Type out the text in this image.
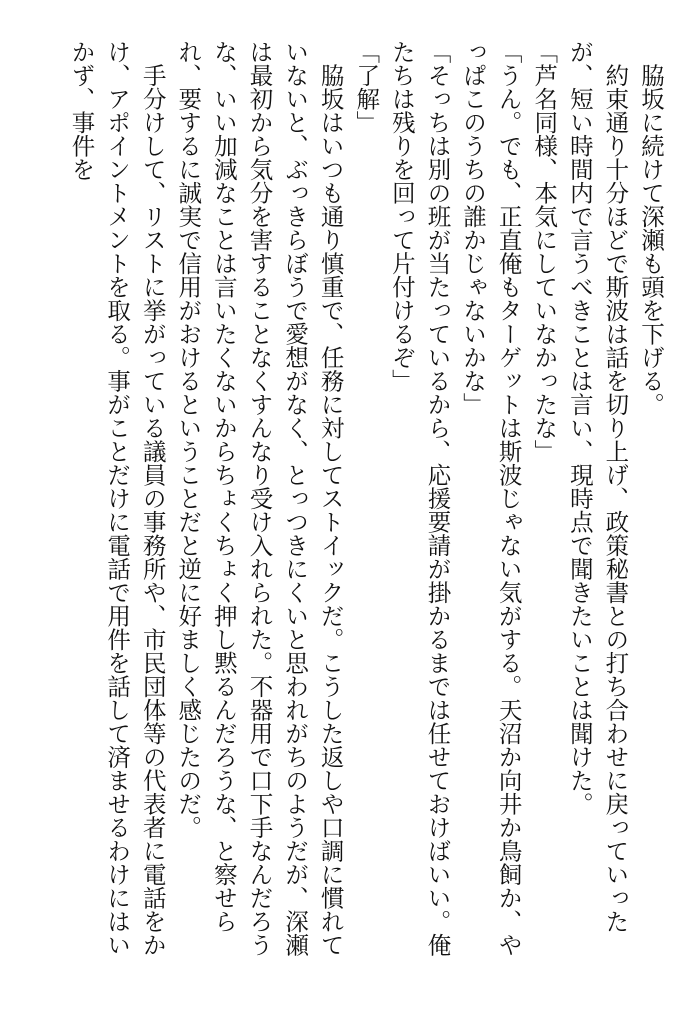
　脇坂に続けて深瀬も頭を下げる。

　約束通り十分ほどで斯波は話を切り上げ、政策秘書との打ち合わせに戻っていったが、短い時間内で言うべきことは言い、現時点で聞きたいことは聞けた。

「芦名同様、本気にしていなかったな」

「うん。でも、正直俺もターゲットは斯波じゃない気がする。天沼か向井か鳥飼か、やっぱこのうちの誰かじゃないかな」

「そっちは別の班が当たっているから、応援要請が掛かるまでは任せておけばいい。俺たちは残りを回って片付けるぞ」

「了解」

　脇坂はいつも通り慎重で、任務に対してストイックだ。こうした返しや口調に慣れていないと、ぶっきらぼうで愛想がなく、とっつきにくいと思われがちのようだが、深瀬は最初から気分を害することなくすんなり受け入れられた。不器用で口下手なんだろうな、いい加減なことは言いたくないからちょくちょく押し黙るんだろうな、と察せられ、要するに誠実で信用がおけるということだと逆に好ましく感じたのだ。

　手分けして、リストに挙がっている議員の事務所や、市民団体等の代表者に電話をかけ、アポイントメントを取る。事がことだけに電話で用件を話して済ませるわけにはいかず、事件を
